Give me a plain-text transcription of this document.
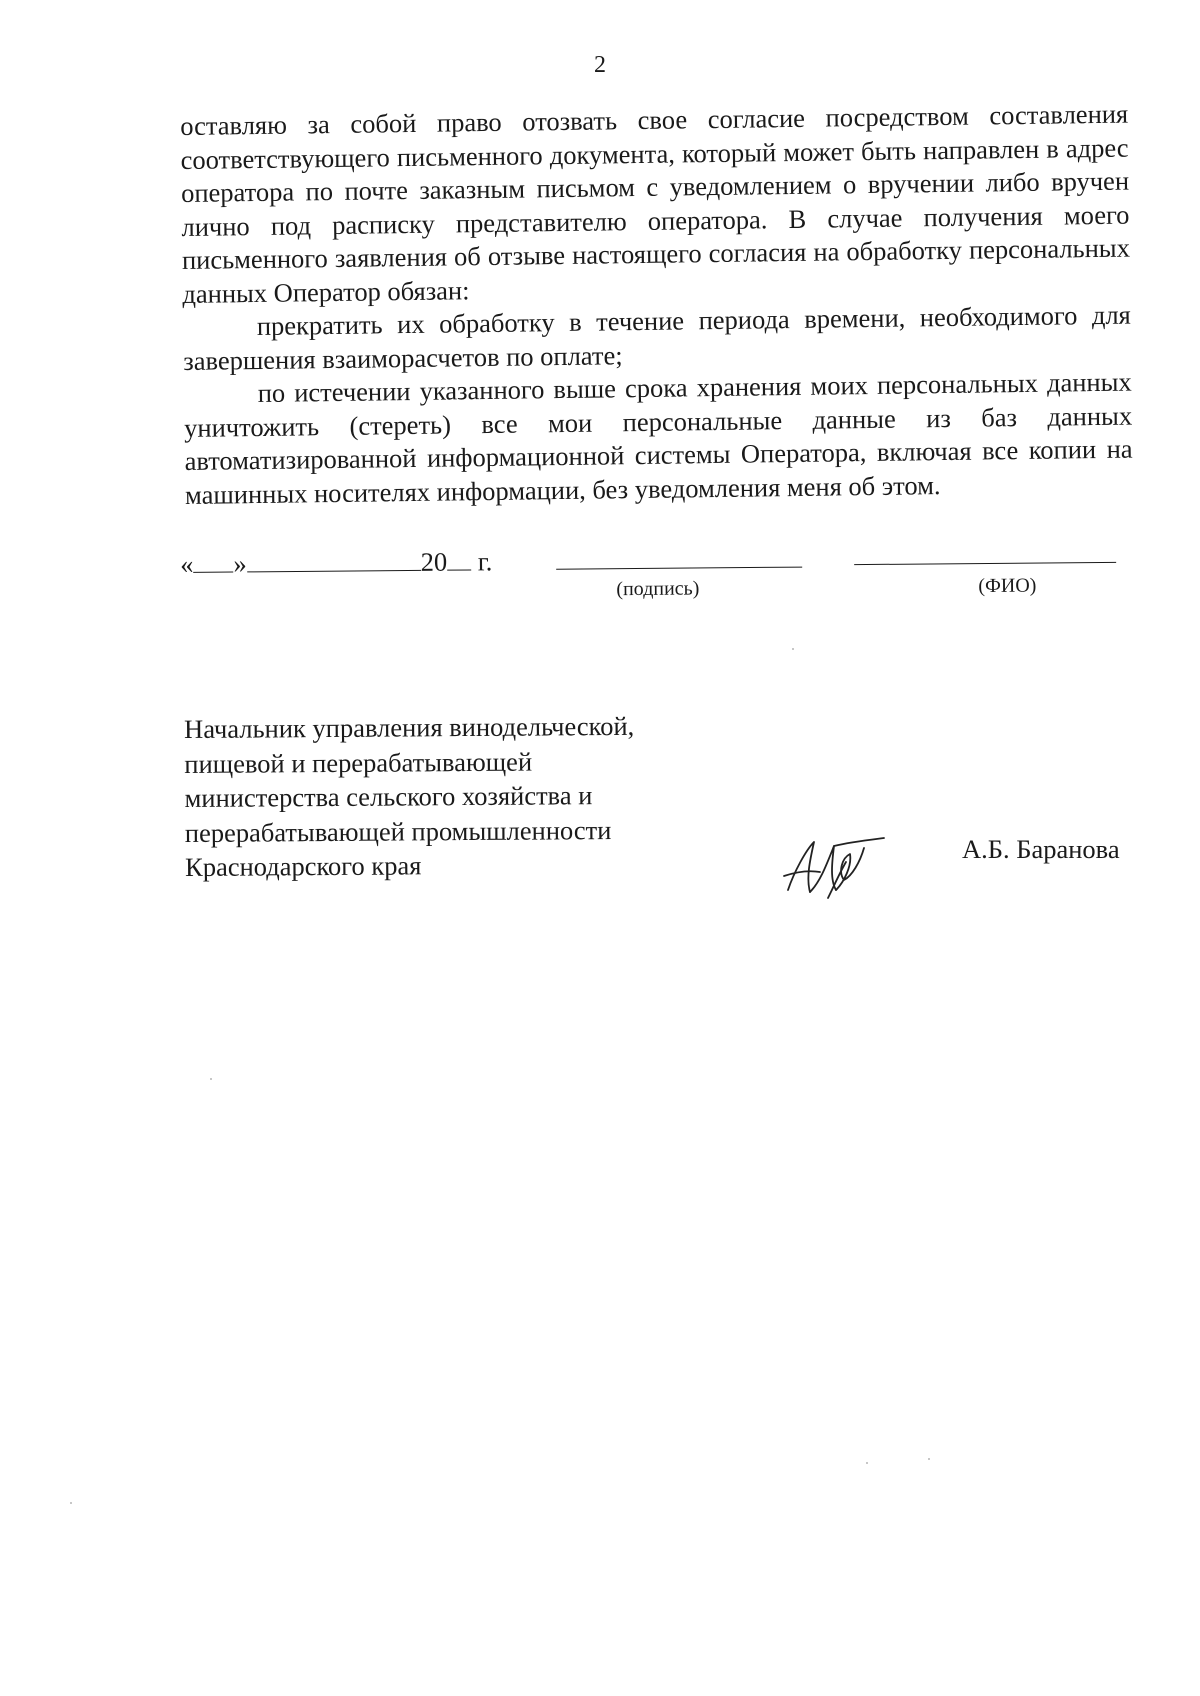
2

оставляю за собой право отозвать свое согласие посредством составления соответствующего письменного документа, который может быть направлен в адрес оператора по почте заказным письмом с уведомлением о вручении либо вручен лично под расписку представителю оператора. В случае получения моего письменного заявления об отзыве настоящего согласия на обработку персональных данных Оператор обязан:

прекратить их обработку в течение периода времени, необходимого для завершения взаиморасчетов по оплате;

по истечении указанного выше срока хранения моих персональных данных уничтожить (стереть) все мои персональные данные из баз данных автоматизированной информационной системы Оператора, включая все копии на машинных носителях информации, без уведомления меня об этом.

« »	20 г.
(подпись)	(ФИО)
Начальник управления винодельческой,
пищевой и перерабатывающей
министерства сельского хозяйства и
перерабатывающей промышленности
Краснодарского края
А.Б. Баранова
